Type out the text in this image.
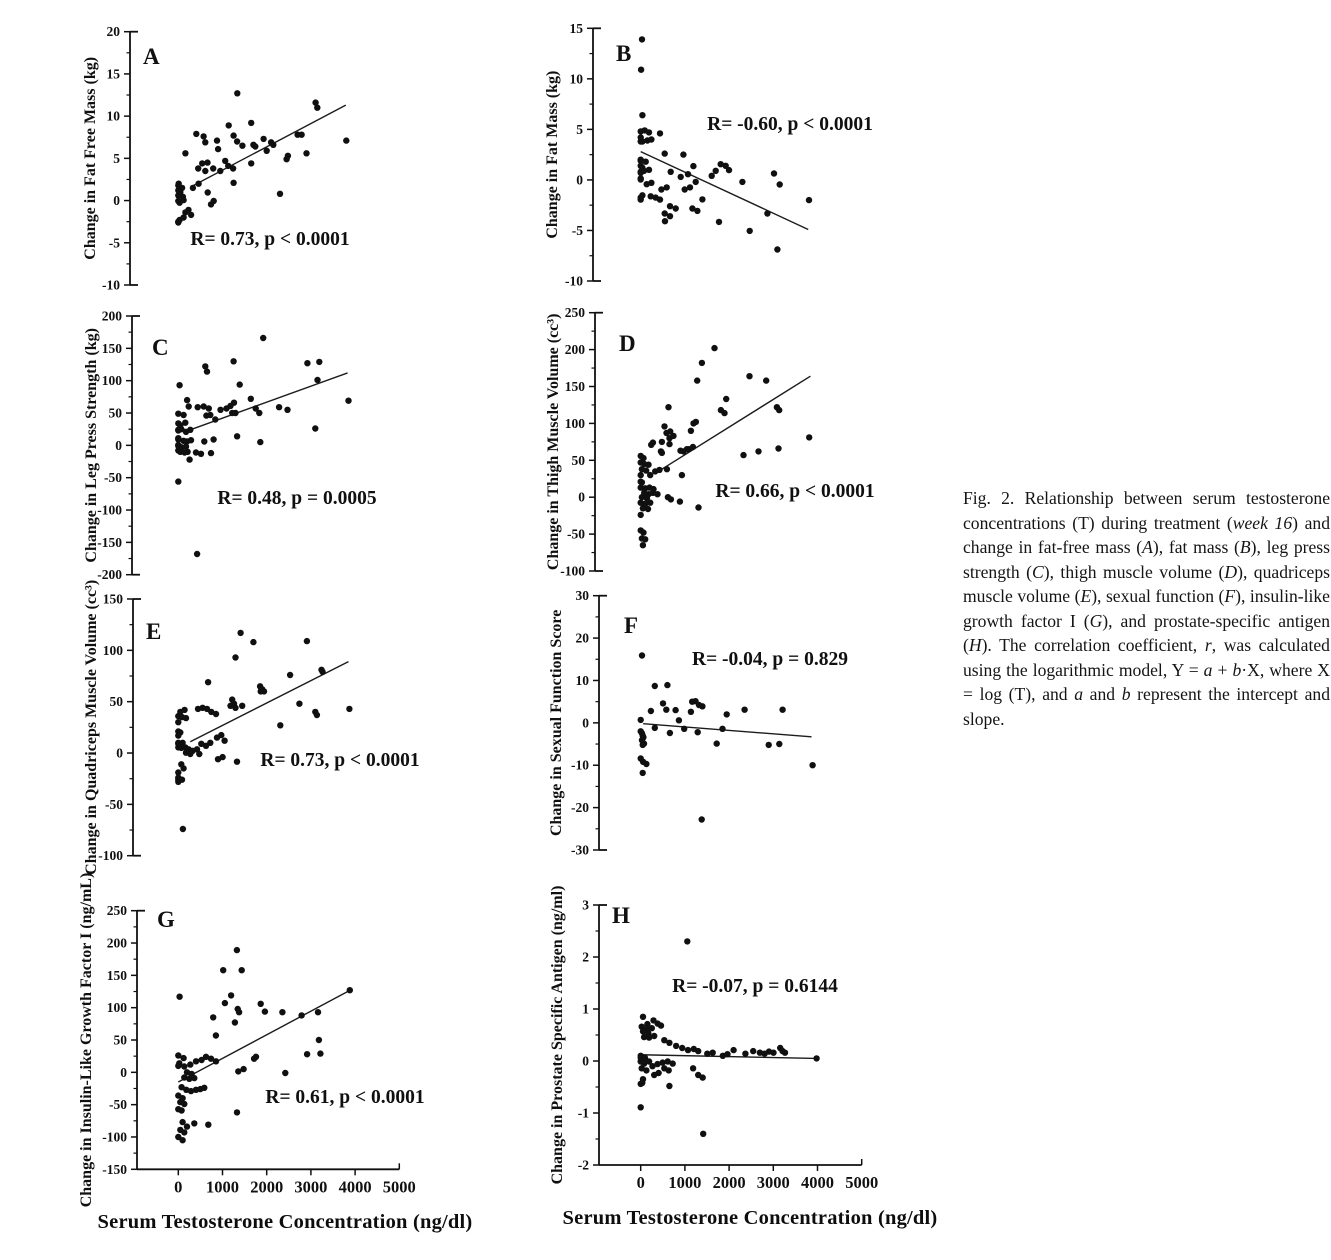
20
15
10
5
0
-5
-10
A
R= 0.73, p < 0.0001
Change in Fat Free Mass (kg)
15
10
5
0
-5
-10
B
R= -0.60, p < 0.0001
Change in Fat Mass (kg)
200
150
100
50
0
-50
-100
-150
-200
C
R= 0.48, p = 0.0005
Change in Leg Press Strength (kg)
250
200
150
100
50
0
-50
-100
D
R= 0.66, p < 0.0001
Change in Thigh Muscle Volume (cc³)
150
100
50
0
-50
-100
E
R= 0.73, p < 0.0001
Change in Quadriceps Muscle Volume (cc³)	30
20
10
0
-10
-20
-30
F
R= -0.04, p = 0.829
Change in Sexual Function Score
250
200
150
100
50
0
-50
-100
-150
0 1000 2000 3000 4000 5000
G
R= 0.61, p < 0.0001
Change in Insulin-Like Growth Factor I (ng/mL)	3
2
1
0
-1
-2
0 1000 2000 3000 4000 5000
H
R= -0.07, p = 0.6144
Change in Prostate Specific Antigen (ng/ml)
Fig. 2. Relationship between serum testosterone concentrations (T) during treatment (week 16) and change in fat-free mass (A), fat mass (B), leg press strength (C), thigh muscle volume (D), quadriceps muscle volume (E), sexual function (F), insulin-like growth factor I (G), and prostate-specific antigen (H). The correlation coefficient, r, was calculated using the logarithmic model, Y = a + b·X, where X = log (T), and a and b represent the intercept and slope.
Serum Testosterone Concentration (ng/dl)	Serum Testosterone Concentration (ng/dl)
